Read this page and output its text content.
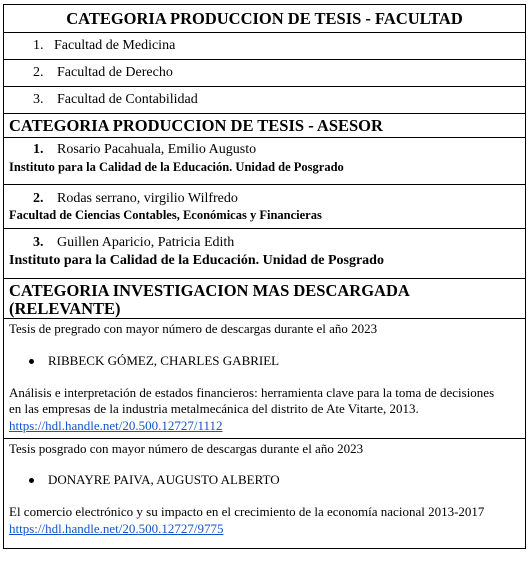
CATEGORIA PRODUCCION DE TESIS - FACULTAD
1. Facultad de Medicina
2. Facultad de Derecho
3. Facultad de Contabilidad
CATEGORIA PRODUCCION DE TESIS - ASESOR
1. Rosario Pacahuala, Emilio Augusto
Instituto para la Calidad de la Educación. Unidad de Posgrado
2. Rodas serrano, virgilio Wilfredo
Facultad de Ciencias Contables, Económicas y Financieras
3. Guillen Aparicio, Patricia Edith
Instituto para la Calidad de la Educación. Unidad de Posgrado
CATEGORIA INVESTIGACION MAS DESCARGADA
(RELEVANTE)
Tesis de pregrado con mayor número de descargas durante el año 2023
RIBBECK GÓMEZ, CHARLES GABRIEL
Análisis e interpretación de estados financieros: herramienta clave para la toma de decisiones
en las empresas de la industria metalmecánica del distrito de Ate Vitarte, 2013.
https://hdl.handle.net/20.500.12727/1112
Tesis posgrado con mayor número de descargas durante el año 2023
DONAYRE PAIVA, AUGUSTO ALBERTO
El comercio electrónico y su impacto en el crecimiento de la economía nacional 2013-2017
https://hdl.handle.net/20.500.12727/9775
